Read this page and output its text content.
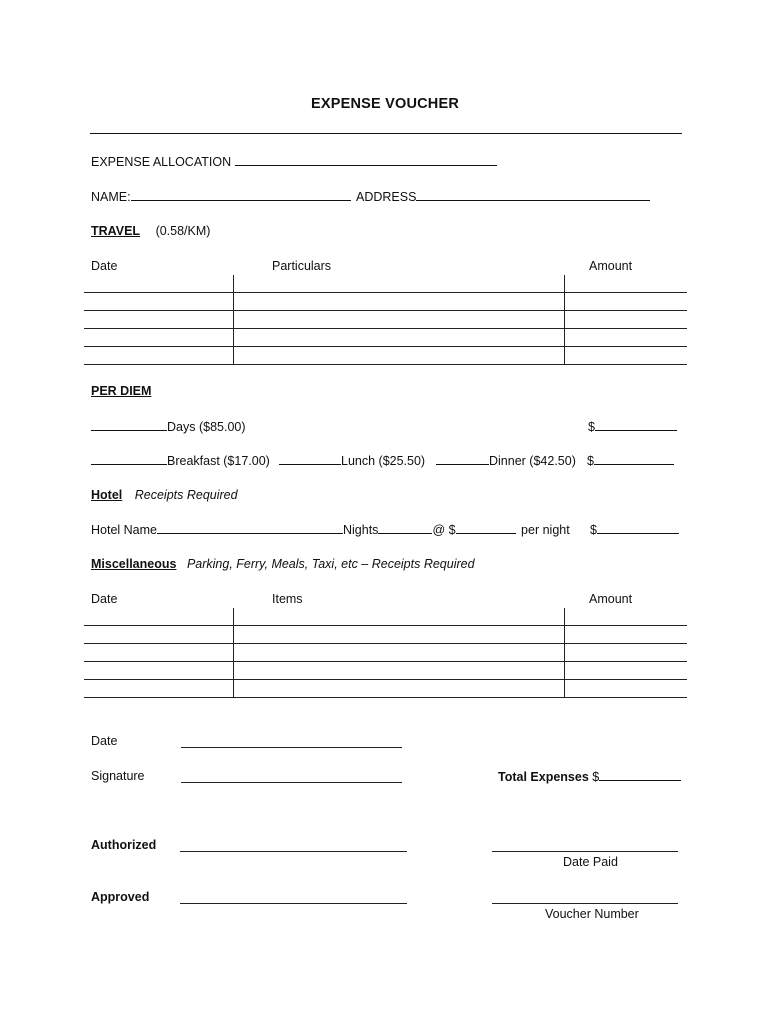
EXPENSE VOUCHER
EXPENSE ALLOCATION
NAME:	ADDRESS
TRAVEL (0.58/KM)
Date	Particulars	Amount
PER DIEM
Days ($85.00)	$
Breakfast ($17.00)	Lunch ($25.50)	Dinner ($42.50) $
Hotel Receipts Required
Hotel Name	Nights	@ $	per night $
Miscellaneous Parking, Ferry, Meals, Taxi, etc – Receipts Required
Date	Items	Amount
Date
Signature	Total Expenses $
Authorized
Date Paid
Approved
Voucher Number
